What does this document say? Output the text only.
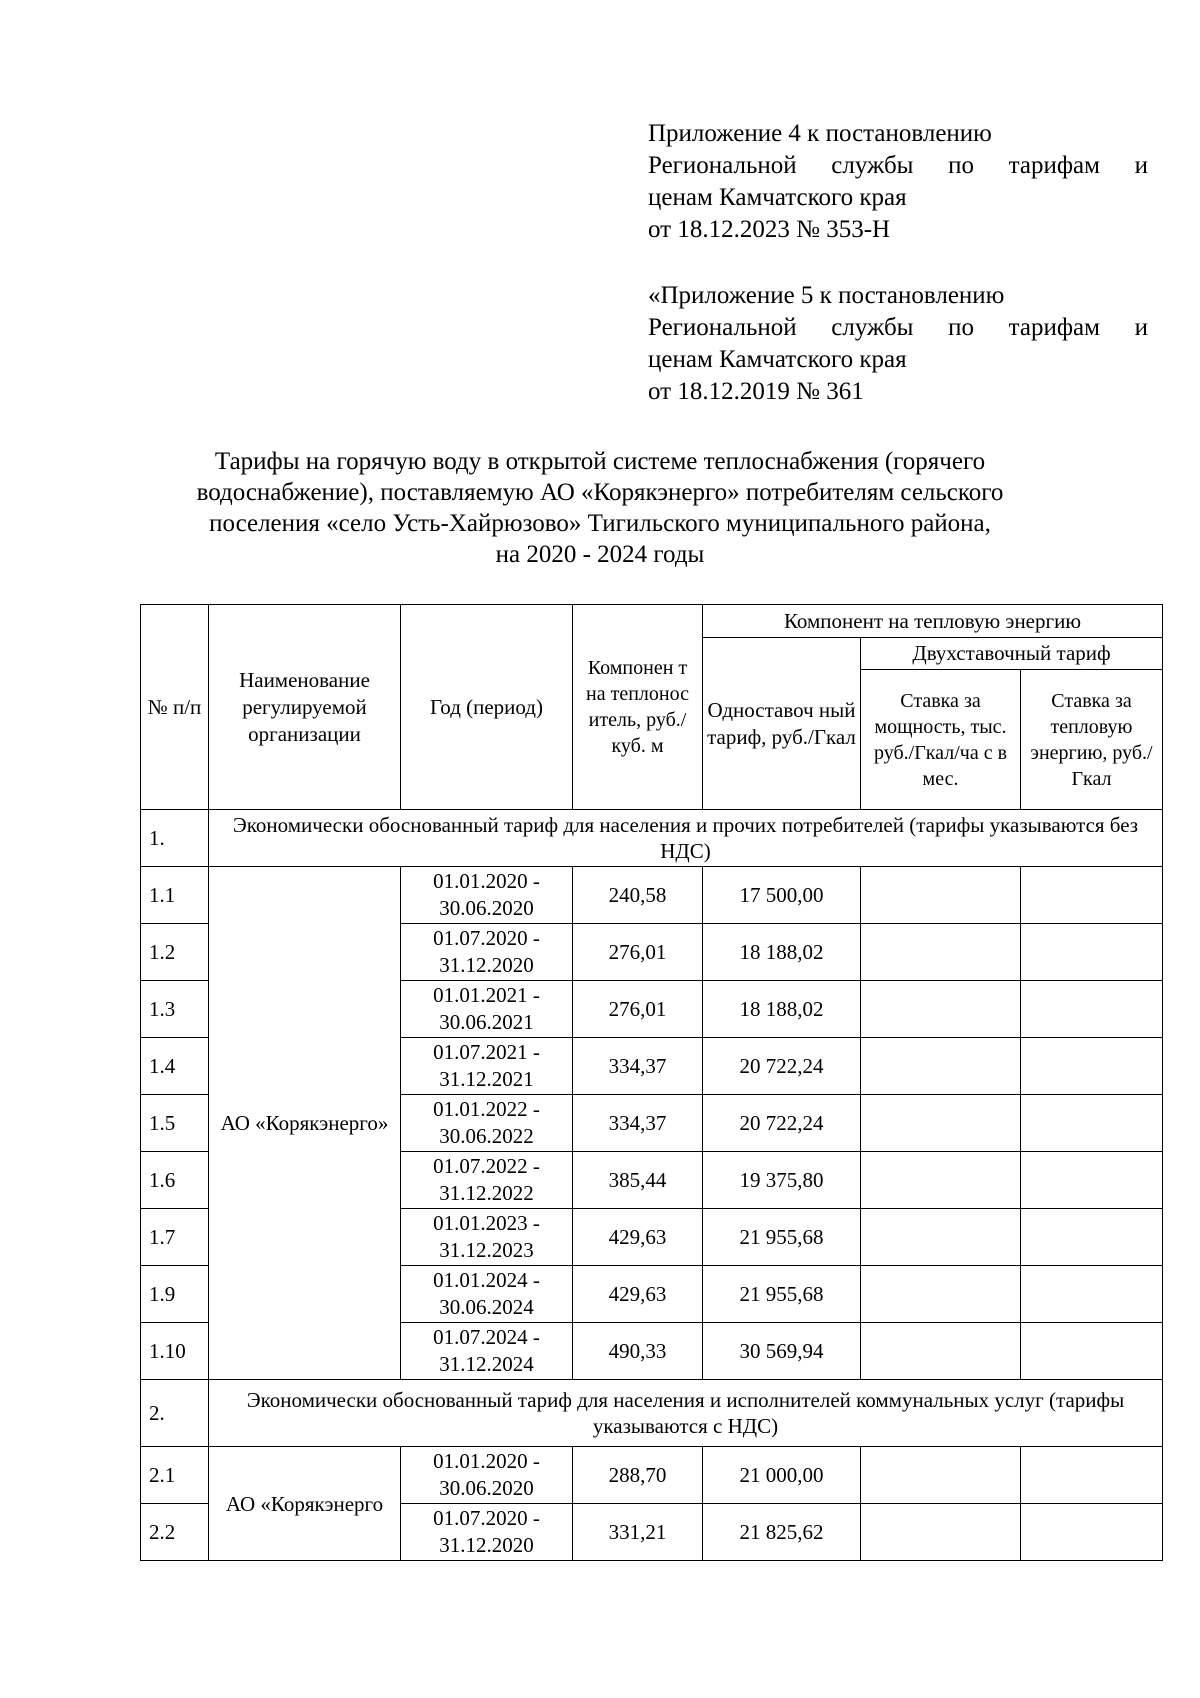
Приложение 4 к постановлению
Региональной службы по тарифам и
ценам Камчатского края
от 18.12.2023 № 353-Н
«Приложение 5 к постановлению
Региональной службы по тарифам и
ценам Камчатского края
от 18.12.2019 № 361
Тарифы на горячую воду в открытой системе теплоснабжения (горячего
водоснабжение), поставляемую АО «Корякэнерго» потребителям сельского
поселения «село Усть-Хайрюзово» Тигильского муниципального района,
на 2020 - 2024 годы
№ п/п	Наименование регулируемой организации	Год (период)	Компонен т на теплонос итель, руб./куб. м	Компонент на тепловую энергию		
				Одноставоч ный тариф, руб./Гкал	Двухставочный тариф	
					Ставка за мощность, тыс. руб./Гкал/ча с в мес.	Ставка за тепловую энергию, руб./Гкал

1.	Экономически обоснованный тариф для населения и прочих потребителей (тарифы указываются без НДС)					
1.1	АО «Корякэнерго»	01.01.2020 - 30.06.2020	240,58	17 500,00		
1.2		01.07.2020 - 31.12.2020	276,01	18 188,02		
1.3		01.01.2021 - 30.06.2021	276,01	18 188,02		
1.4		01.07.2021 - 31.12.2021	334,37	20 722,24		
1.5		01.01.2022 - 30.06.2022	334,37	20 722,24		
1.6		01.07.2022 - 31.12.2022	385,44	19 375,80		
1.7		01.01.2023 - 31.12.2023	429,63	21 955,68		
1.9		01.01.2024 - 30.06.2024	429,63	21 955,68		
1.10		01.07.2024 - 31.12.2024	490,33	30 569,94		
2.	Экономически обоснованный тариф для населения и исполнителей коммунальных услуг (тарифы указываются с НДС)					
2.1	АО «Корякэнерго	01.01.2020 - 30.06.2020	288,70	21 000,00		
2.2		01.07.2020 - 31.12.2020	331,21	21 825,62		
